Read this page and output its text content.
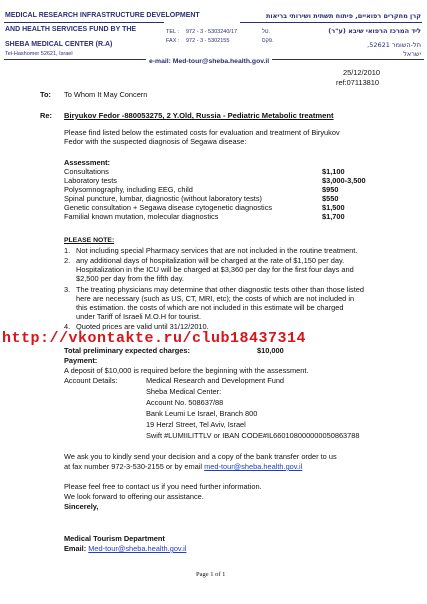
MEDICAL RESEARCH INFRASTRUCTURE DEVELOPMENT
AND HEALTH SERVICES FUND BY THE
SHEBA MEDICAL CENTER (R.A)
Tel-Hashomer 52621, Israel
TEL : 972 - 3 - 5303240/17
FAX : 972 - 3 - 5302155
טל.
פקס.
קרן מחקרים רפואיים, פיתוח תשתית ושירותי בריאות
ליד המרכז הרפואי שיבא (ע"ר)
תל-השומר 52621,
ישראל
e-mail: Med-tour@sheba.health.gov.il
25/12/2010
ref:07113810
To: To Whom It May Concern
Re: Biryukov Fedor -880053275, 2 Y.Old, Russia - Pediatric Metabolic treatment
Please find listed below the estimated costs for evaluation and treatment of Biryukov
Fedor with the suspected diagnosis of Segawa disease:
Assessment:
Consultations	$1,100
Laboratory tests	$3,000-3,500
Polysomnography, including EEG, child	$950
Spinal puncture, lumbar, diagnostic (without laboratory tests)	$550
Genetic consultation + Segawa disease cytogenetic diagnostics	$1,500
Familial known mutation, molecular diagnostics	$1,700
PLEASE NOTE:
1. Not including special Pharmacy services that are not included in the routine treatment.
2. any additional days of hospitalization will be charged at the rate of $1,150 per day.
Hospitalization in the ICU will be charged at $3,360 per day for the first four days and
$2,500 per day from the fifth day.
3. The treating physicians may determine that other diagnostic tests other than those listed
here are necessary (such as US, CT, MRI, etc); the costs of which are not included in
this estimation. the costs of which are not included in this estimate will be charged
under Tariff of Israeli M.O.H for tourist.
4. Quoted prices are valid until 31/12/2010.
Total preliminary expected charges:	$10,000
http://vkontakte.ru/club18437314
Payment:
A deposit of $10,000 is required before the beginning with the assessment.
Account Details:	Medical Research and Development Fund
Sheba Medical Center:
Account No. 508637/88
Bank Leumi Le Israel, Branch 800
19 Herzl Street, Tel Aviv, Israel
Swift #LUMIILITTLV or IBAN CODE#IL660108000000050863788
We ask you to kindly send your decision and a copy of the bank transfer order to us
at fax number 972-3-530-2155 or by email med-tour@sheba.health.gov.il
Please feel free to contact us if you need further information.
We look forward to offering our assistance.
Sincerely,
Medical Tourism Department
Email: Med-tour@sheba.health.gov.il
Page 1 of 1
